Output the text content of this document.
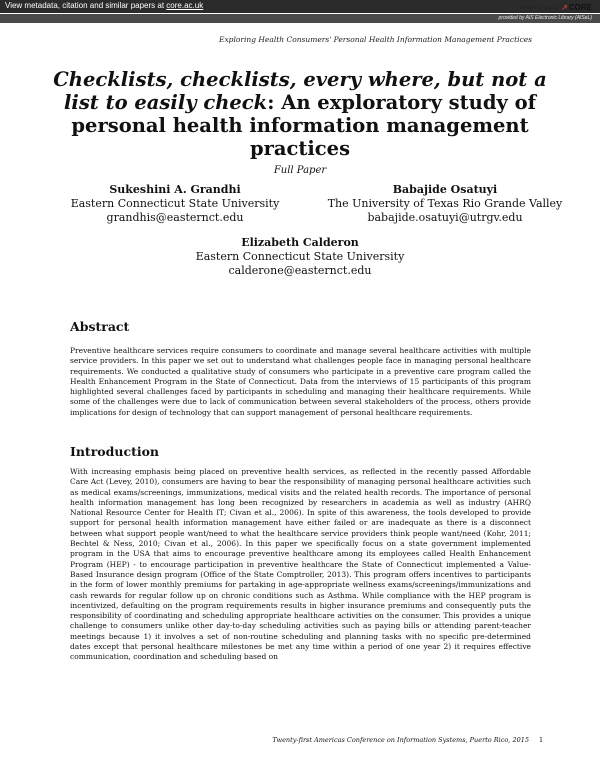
View metadata, citation and similar papers at core.ac.uk	brought to you by
↗	CORE
provided by AIS Electronic Library (AISeL)
Exploring Health Consumers' Personal Health Information Management Practices
Checklists, checklists, every where, but not a list to easily check: An exploratory study of personal health information management practices
Full Paper
Sukeshini A. Grandhi
Eastern Connecticut State University
grandhis@easternct.edu
Babajide Osatuyi
The University of Texas Rio Grande Valley
babajide.osatuyi@utrgv.edu
Elizabeth Calderon
Eastern Connecticut State University
calderone@easternct.edu
Abstract
Preventive healthcare services require consumers to coordinate and manage several healthcare activities with multiple service providers. In this paper we set out to understand what challenges people face in managing personal healthcare requirements. We conducted a qualitative study of consumers who participate in a preventive care program called the Health Enhancement Program in the State of Connecticut. Data from the interviews of 15 participants of this program highlighted several challenges faced by participants in scheduling and managing their healthcare requirements. While some of the challenges were due to lack of communication between several stakeholders of the process, others provide implications for design of technology that can support management of personal healthcare requirements.
Introduction
With increasing emphasis being placed on preventive health services, as reflected in the recently passed Affordable Care Act (Levey, 2010), consumers are having to bear the responsibility of managing personal healthcare activities such as medical exams/screenings, immunizations, medical visits and the related health records. The importance of personal health information management has long been recognized by researchers in academia as well as industry (AHRQ National Resource Center for Health IT; Civan et al., 2006). In spite of this awareness, the tools developed to provide support for personal health information management have either failed or are inadequate as there is a disconnect between what support people want/need to what the healthcare service providers think people want/need (Kohr, 2011; Bechtel & Ness, 2010; Civan et al., 2006). In this paper we specifically focus on a state government implemented program in the USA that aims to encourage preventive healthcare among its employees called Health Enhancement Program (HEP) - to encourage participation in preventive healthcare the State of Connecticut implemented a Value-Based Insurance design program (Office of the State Comptroller, 2013). This program offers incentives to participants in the form of lower monthly premiums for partaking in age-appropriate wellness exams/screenings/immunizations and cash rewards for regular follow up on chronic conditions such as Asthma. While compliance with the HEP program is incentivized, defaulting on the program requirements results in higher insurance premiums and consequently puts the responsibility of coordinating and scheduling appropriate healthcare activities on the consumer. This provides a unique challenge to consumers unlike other day-to-day scheduling activities such as paying bills or attending parent-teacher meetings because 1) it involves a set of non-routine scheduling and planning tasks with no specific pre-determined dates except that personal healthcare milestones be met any time within a period of one year 2) it requires effective communication, coordination and scheduling based on
Twenty-first Americas Conference on Information Systems, Puerto Rico, 2015 1
